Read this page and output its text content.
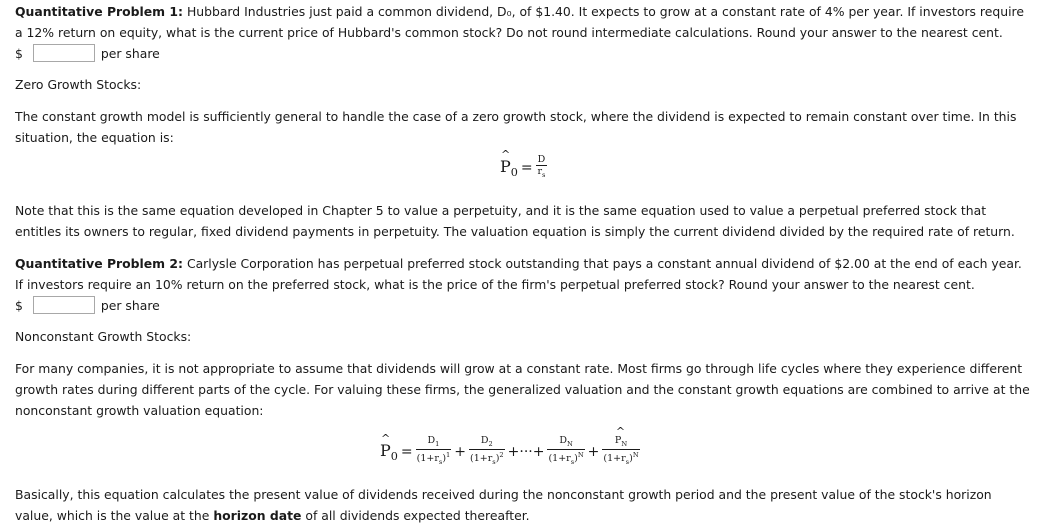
Quantitative Problem 1: Hubbard Industries just paid a common dividend, D₀, of $1.40. It expects to grow at a constant rate of 4% per year. If investors require a 12% return on equity, what is the current price of Hubbard's common stock? Do not round intermediate calculations. Round your answer to the nearest cent.

$	per share

Zero Growth Stocks:

The constant growth model is sufficiently general to handle the case of a zero growth stock, where the dividend is expected to remain constant over time. In this situation, the equation is:

^ $P_0 = \frac{D}{r_s}$

Note that this is the same equation developed in Chapter 5 to value a perpetuity, and it is the same equation used to value a perpetual preferred stock that entitles its owners to regular, fixed dividend payments in perpetuity. The valuation equation is simply the current dividend divided by the required rate of return.

Quantitative Problem 2: Carlysle Corporation has perpetual preferred stock outstanding that pays a constant annual dividend of $2.00 at the end of each year. If investors require an 10% return on the preferred stock, what is the price of the firm's perpetual preferred stock? Round your answer to the nearest cent.

$	per share

Nonconstant Growth Stocks:

For many companies, it is not appropriate to assume that dividends will grow at a constant rate. Most firms go through life cycles where they experience different growth rates during different parts of the cycle. For valuing these firms, the generalized valuation and the constant growth equations are combined to arrive at the nonconstant growth valuation equation:

^ $P_0 = \frac{D_1}{(1+r_s)^1} + \frac{D_2}{(1+r_s)^2}$ +···+ $\frac{D_N}{(1+r_s)^N}$ +
^ $\frac{P_N}{(1+r_s)^N}$

Basically, this equation calculates the present value of dividends received during the nonconstant growth period and the present value of the stock's horizon value, which is the value at the horizon date of all dividends expected thereafter.
